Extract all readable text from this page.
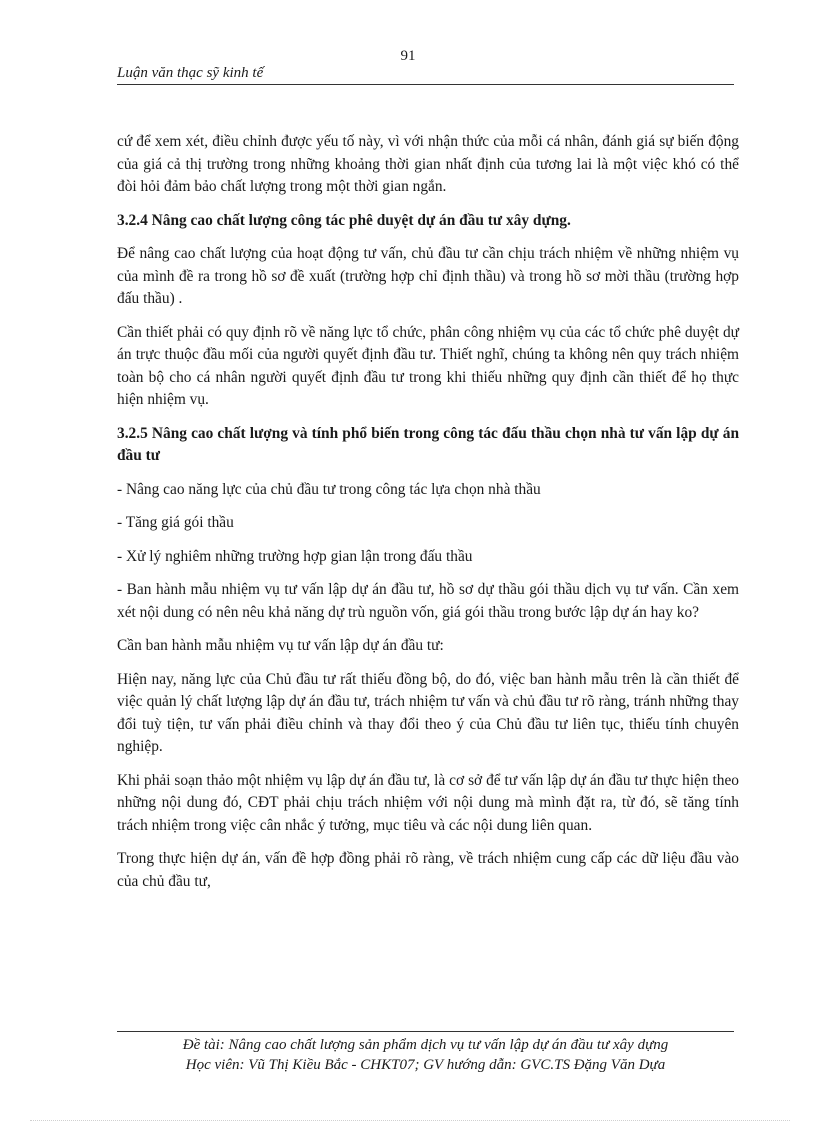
91
Luận văn thạc sỹ kinh tế

cứ để xem xét, điều chỉnh được yếu tố này, vì với nhận thức của mỗi cá nhân, đánh giá sự biến động của giá cả thị trường trong những khoảng thời gian nhất định của tương lai là một việc khó có thể đòi hỏi đảm bảo chất lượng trong một thời gian ngắn.

3.2.4 Nâng cao chất lượng công tác phê duyệt dự án đầu tư xây dựng.

Để nâng cao chất lượng của hoạt động tư vấn, chủ đầu tư cần chịu trách nhiệm về những nhiệm vụ của mình đề ra trong hồ sơ đề xuất (trường hợp chỉ định thầu) và trong hồ sơ mời thầu (trường hợp đấu thầu) .

Cần thiết phải có quy định rõ về năng lực tổ chức, phân công nhiệm vụ của các tổ chức phê duyệt dự án trực thuộc đầu mối của người quyết định đầu tư. Thiết nghĩ, chúng ta không nên quy trách nhiệm toàn bộ cho cá nhân người quyết định đầu tư trong khi thiếu những quy định cần thiết để họ thực hiện nhiệm vụ.

3.2.5 Nâng cao chất lượng và tính phổ biến trong công tác đấu thầu chọn nhà tư vấn lập dự án đầu tư

- Nâng cao năng lực của chủ đầu tư trong công tác lựa chọn nhà thầu

- Tăng giá gói thầu

- Xử lý nghiêm những trường hợp gian lận trong đấu thầu

- Ban hành mẫu nhiệm vụ tư vấn lập dự án đầu tư, hồ sơ dự thầu gói thầu dịch vụ tư vấn. Cần xem xét nội dung có nên nêu khả năng dự trù nguồn vốn, giá gói thầu trong bước lập dự án hay ko?

Cần ban hành mẫu nhiệm vụ tư vấn lập dự án đầu tư:

Hiện nay, năng lực của Chủ đầu tư rất thiếu đồng bộ, do đó, việc ban hành mẫu trên là cần thiết để việc quản lý chất lượng lập dự án đầu tư, trách nhiệm tư vấn và chủ đầu tư rõ ràng, tránh những thay đổi tuỳ tiện, tư vấn phải điều chỉnh và thay đổi theo ý của Chủ đầu tư liên tục, thiếu tính chuyên nghiệp.

Khi phải soạn thảo một nhiệm vụ lập dự án đầu tư, là cơ sở để tư vấn lập dự án đầu tư thực hiện theo những nội dung đó, CĐT phải chịu trách nhiệm với nội dung mà mình đặt ra, từ đó, sẽ tăng tính trách nhiệm trong việc cân nhắc ý tưởng, mục tiêu và các nội dung liên quan.

Trong thực hiện dự án, vấn đề hợp đồng phải rõ ràng, về trách nhiệm cung cấp các dữ liệu đầu vào của chủ đầu tư,

Đề tài: Nâng cao chất lượng sản phẩm dịch vụ tư vấn lập dự án đầu tư xây dựng
Học viên: Vũ Thị Kiều Bắc - CHKT07; GV hướng dẫn: GVC.TS Đặng Văn Dựa
